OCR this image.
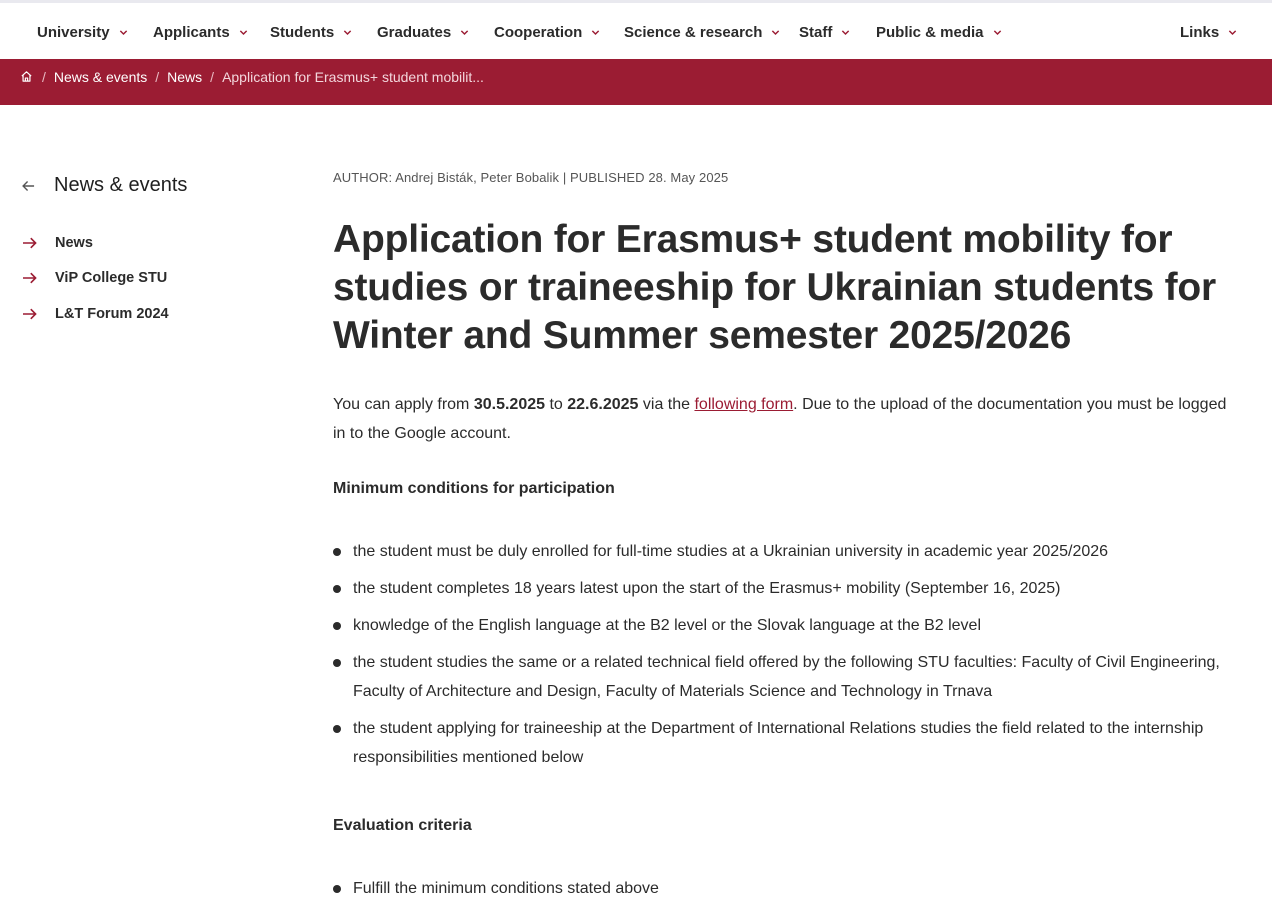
University	Applicants	Students	Graduates	Cooperation	Science & research Staff	Public & media	Links
/ News & events / News / Application for Erasmus+ student mobilit...
News & events
News
ViP College STU
L&T Forum 2024
AUTHOR: Andrej Bisták, Peter Bobalik | PUBLISHED 28. May 2025
Application for Erasmus+ student mobility for studies or traineeship for Ukrainian students for Winter and Summer semester 2025/2026

You can apply from 30.5.2025 to 22.6.2025 via the following form. Due to the upload of the documentation you must be logged in to the Google account.

Minimum conditions for participation
the student must be duly enrolled for full-time studies at a Ukrainian university in academic year 2025/2026
the student completes 18 years latest upon the start of the Erasmus+ mobility (September 16, 2025)
knowledge of the English language at the B2 level or the Slovak language at the B2 level
the student studies the same or a related technical field offered by the following STU faculties: Faculty of Civil Engineering, Faculty of Architecture and Design, Faculty of Materials Science and Technology in Trnava
the student applying for traineeship at the Department of International Relations studies the field related to the internship responsibilities mentioned below
Evaluation criteria
Fulfill the minimum conditions stated above
